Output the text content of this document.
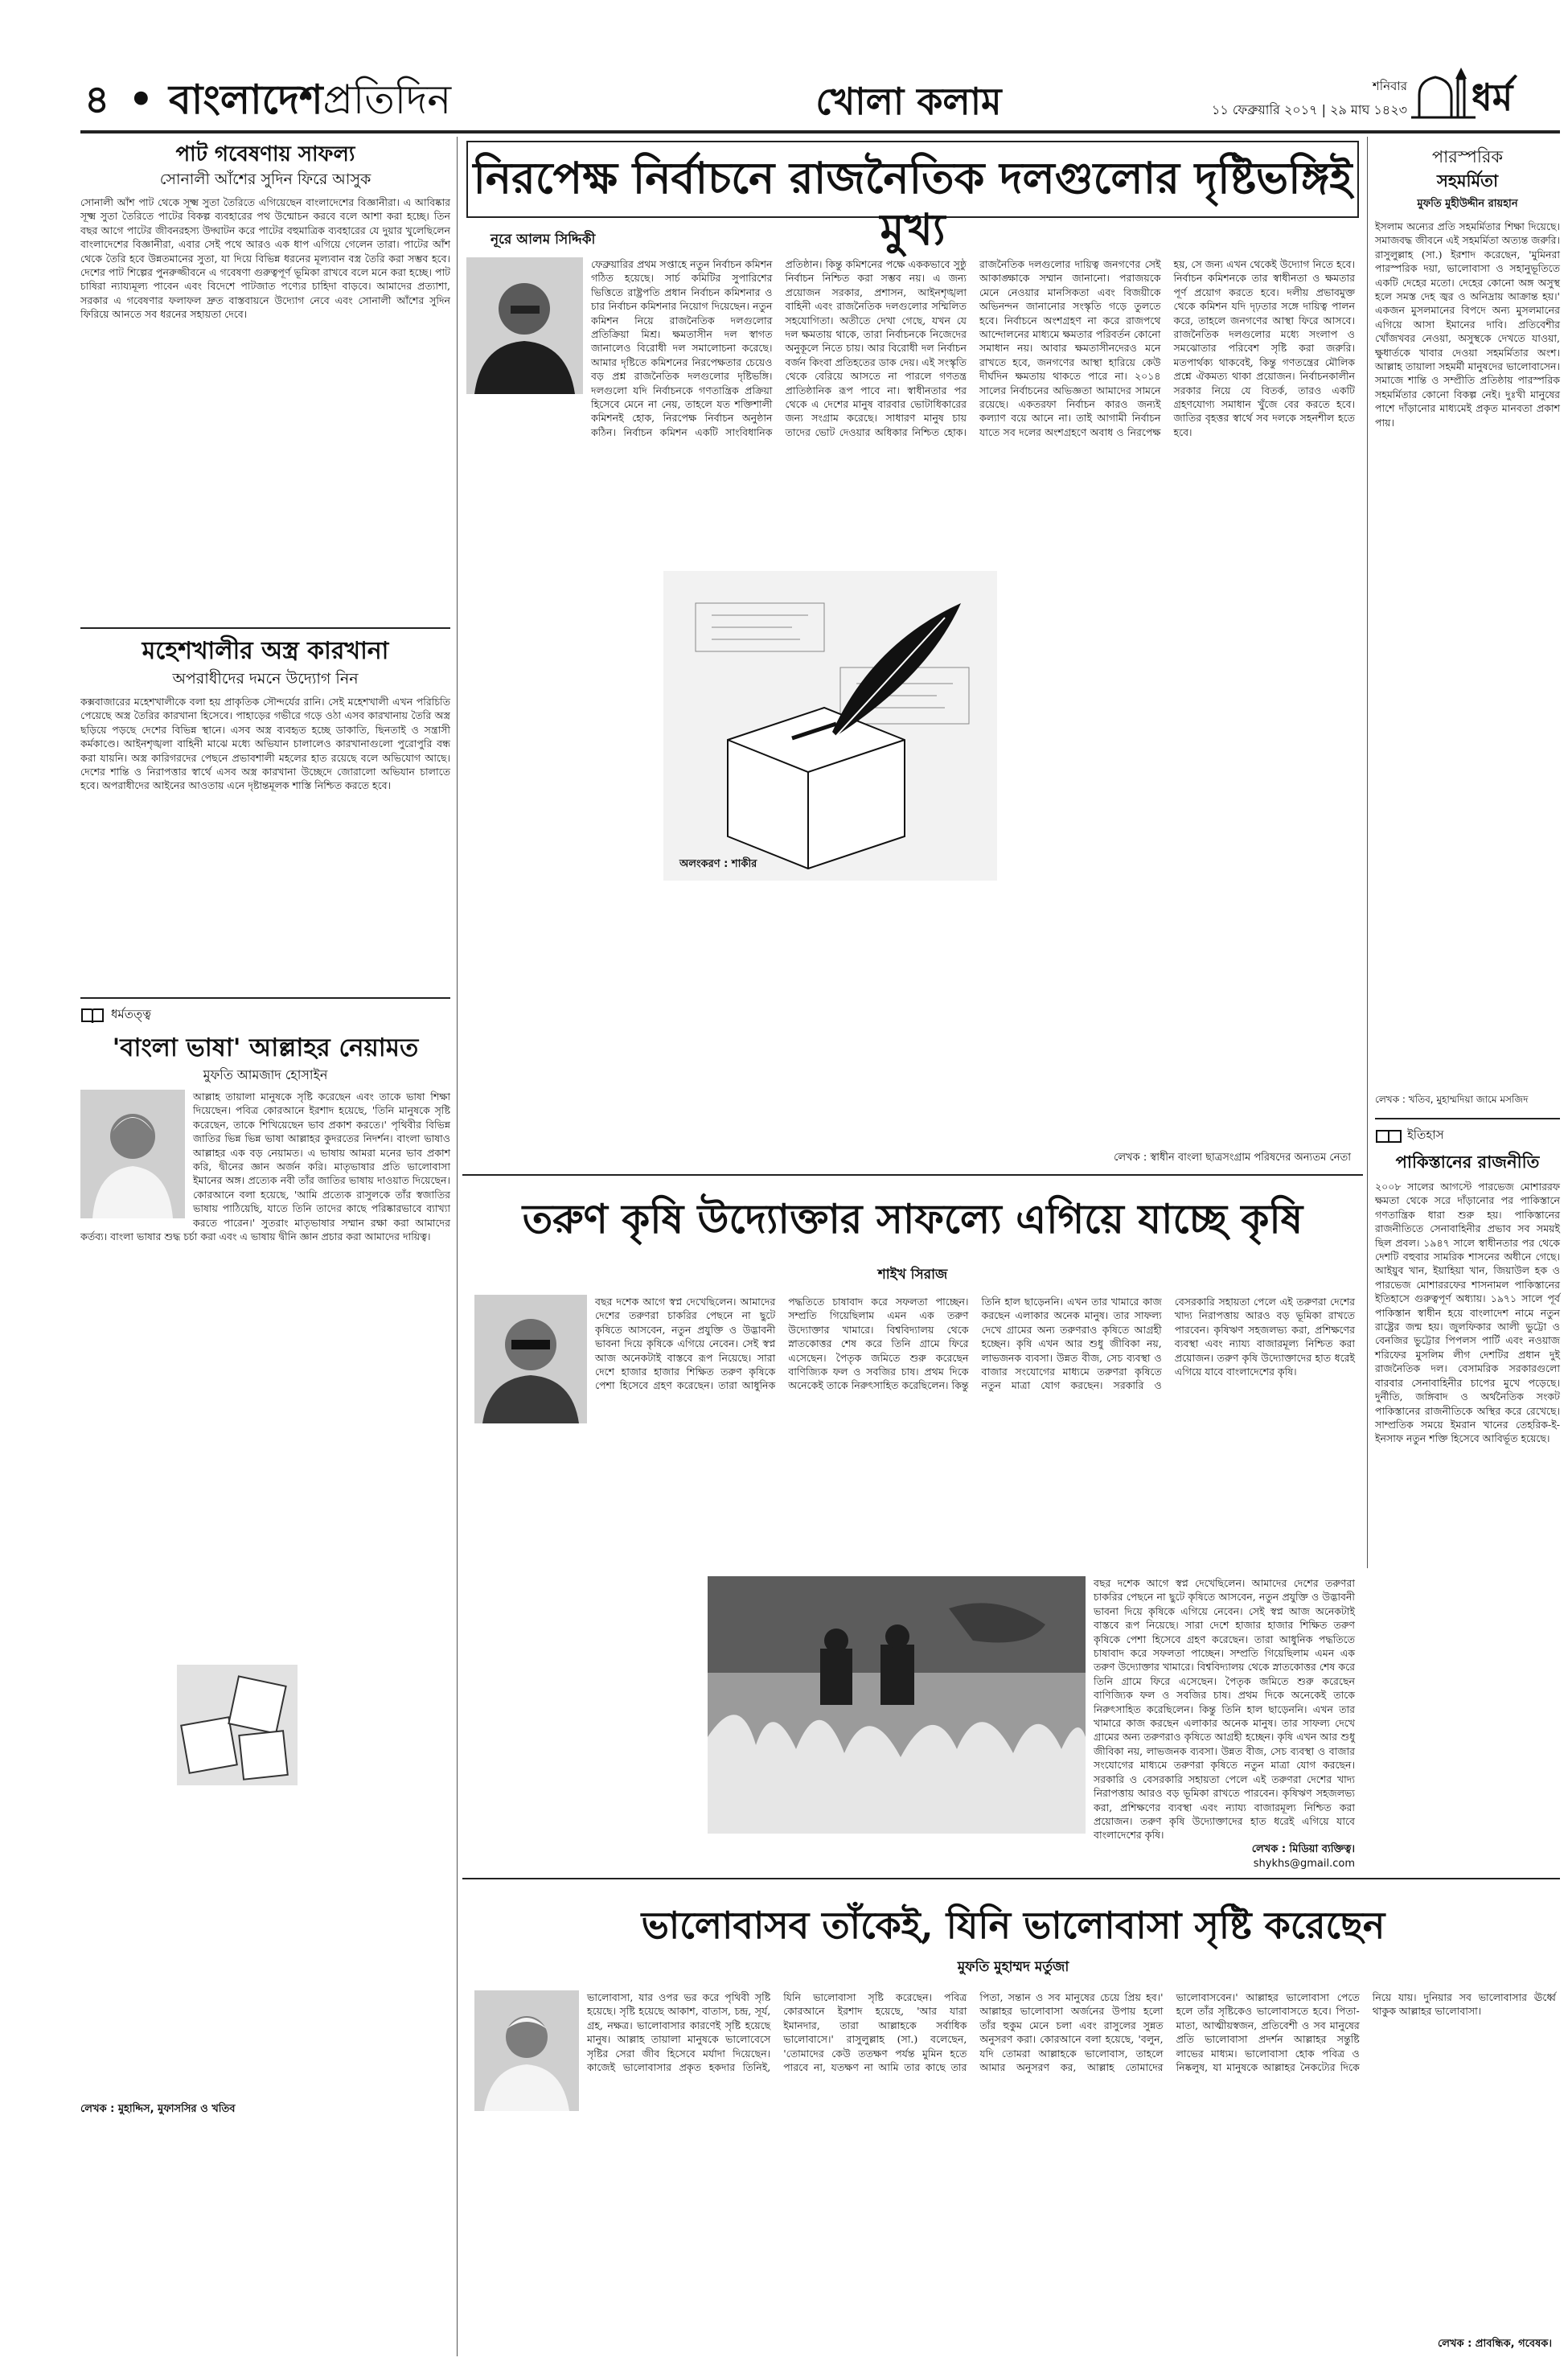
৪ • বাংলাদেশপ্রতিদিন	খোলা কলাম	শনিবার
১১ ফেব্রুয়ারি ২০১৭ | ২৯ মাঘ ১৪২৩ ধর্ম
পাট গবেষণায় সাফল্য
সোনালী আঁশের সুদিন ফিরে আসুক
সোনালী আঁশ পাট থেকে সূক্ষ্ম সুতা তৈরিতে এগিয়েছেন বাংলাদেশের বিজ্ঞানীরা। এ আবিষ্কার সূক্ষ্ম সুতা তৈরিতে পাটের বিকল্প ব্যবহারের পথ উন্মোচন করবে বলে আশা করা হচ্ছে। তিন বছর আগে পাটের জীবনরহস্য উদ্ঘাটন করে পাটের বহুমাত্রিক ব্যবহারের যে দুয়ার খুলেছিলেন বাংলাদেশের বিজ্ঞানীরা, এবার সেই পথে আরও এক ধাপ এগিয়ে গেলেন তারা। পাটের আঁশ থেকে তৈরি হবে উন্নতমানের সুতা, যা দিয়ে বিভিন্ন ধরনের মূল্যবান বস্ত্র তৈরি করা সম্ভব হবে। দেশের পাট শিল্পের পুনরুজ্জীবনে এ গবেষণা গুরুত্বপূর্ণ ভূমিকা রাখবে বলে মনে করা হচ্ছে। পাট চাষিরা ন্যায্যমূল্য পাবেন এবং বিদেশে পাটজাত পণ্যের চাহিদা বাড়বে। আমাদের প্রত্যাশা, সরকার এ গবেষণার ফলাফল দ্রুত বাস্তবায়নে উদ্যোগ নেবে এবং সোনালী আঁশের সুদিন ফিরিয়ে আনতে সব ধরনের সহায়তা দেবে।
মহেশখালীর অস্ত্র কারখানা
অপরাধীদের দমনে উদ্যোগ নিন
কক্সবাজারের মহেশখালীকে বলা হয় প্রাকৃতিক সৌন্দর্যের রানি। সেই মহেশখালী এখন পরিচিতি পেয়েছে অস্ত্র তৈরির কারখানা হিসেবে। পাহাড়ের গভীরে গড়ে ওঠা এসব কারখানায় তৈরি অস্ত্র ছড়িয়ে পড়ছে দেশের বিভিন্ন স্থানে। এসব অস্ত্র ব্যবহৃত হচ্ছে ডাকাতি, ছিনতাই ও সন্ত্রাসী কর্মকাণ্ডে। আইনশৃঙ্খলা বাহিনী মাঝে মধ্যে অভিযান চালালেও কারখানাগুলো পুরোপুরি বন্ধ করা যায়নি। অস্ত্র কারিগরদের পেছনে প্রভাবশালী মহলের হাত রয়েছে বলে অভিযোগ আছে। দেশের শান্তি ও নিরাপত্তার স্বার্থে এসব অস্ত্র কারখানা উচ্ছেদে জোরালো অভিযান চালাতে হবে। অপরাধীদের আইনের আওতায় এনে দৃষ্টান্তমূলক শাস্তি নিশ্চিত করতে হবে।
ধর্মতত্ত্ব
'বাংলা ভাষা' আল্লাহর নেয়ামত
মুফতি আমজাদ হোসাইন
আল্লাহ তায়ালা মানুষকে সৃষ্টি করেছেন এবং তাকে ভাষা শিক্ষা দিয়েছেন। পবিত্র কোরআনে ইরশাদ হয়েছে, 'তিনি মানুষকে সৃষ্টি করেছেন, তাকে শিখিয়েছেন ভাব প্রকাশ করতে।' পৃথিবীর বিভিন্ন জাতির ভিন্ন ভিন্ন ভাষা আল্লাহর কুদরতের নিদর্শন। বাংলা ভাষাও আল্লাহর এক বড় নেয়ামত। এ ভাষায় আমরা মনের ভাব প্রকাশ করি, দ্বীনের জ্ঞান অর্জন করি। মাতৃভাষার প্রতি ভালোবাসা ইমানের অঙ্গ। প্রত্যেক নবী তাঁর জাতির ভাষায় দাওয়াত দিয়েছেন। কোরআনে বলা হয়েছে, 'আমি প্রত্যেক রাসুলকে তাঁর স্বজাতির ভাষায় পাঠিয়েছি, যাতে তিনি তাদের কাছে পরিষ্কারভাবে ব্যাখ্যা করতে পারেন।' সুতরাং মাতৃভাষার সম্মান রক্ষা করা আমাদের কর্তব্য। বাংলা ভাষার শুদ্ধ চর্চা করা এবং এ ভাষায় দ্বীনি জ্ঞান প্রচার করা আমাদের দায়িত্ব।
লেখক : মুহাদ্দিস, মুফাসসির ও খতিব
নিরপেক্ষ নির্বাচনে রাজনৈতিক দলগুলোর দৃষ্টিভঙ্গিই মুখ্য
নূরে আলম সিদ্দিকী
ফেব্রুয়ারির প্রথম সপ্তাহে নতুন নির্বাচন কমিশন গঠিত হয়েছে। সার্চ কমিটির সুপারিশের ভিত্তিতে রাষ্ট্রপতি প্রধান নির্বাচন কমিশনার ও চার নির্বাচন কমিশনার নিয়োগ দিয়েছেন। নতুন কমিশন নিয়ে রাজনৈতিক দলগুলোর প্রতিক্রিয়া মিশ্র। ক্ষমতাসীন দল স্বাগত জানালেও বিরোধী দল সমালোচনা করেছে। আমার দৃষ্টিতে কমিশনের নিরপেক্ষতার চেয়েও বড় প্রশ্ন রাজনৈতিক দলগুলোর দৃষ্টিভঙ্গি। দলগুলো যদি নির্বাচনকে গণতান্ত্রিক প্রক্রিয়া হিসেবে মেনে না নেয়, তাহলে যত শক্তিশালী কমিশনই হোক, নিরপেক্ষ নির্বাচন অনুষ্ঠান কঠিন। নির্বাচন কমিশন একটি সাংবিধানিক প্রতিষ্ঠান। কিন্তু কমিশনের পক্ষে এককভাবে সুষ্ঠু নির্বাচন নিশ্চিত করা সম্ভব নয়। এ জন্য প্রয়োজন সরকার, প্রশাসন, আইনশৃঙ্খলা বাহিনী এবং রাজনৈতিক দলগুলোর সম্মিলিত সহযোগিতা। অতীতে দেখা গেছে, যখন যে দল ক্ষমতায় থাকে, তারা নির্বাচনকে নিজেদের অনুকূলে নিতে চায়। আর বিরোধী দল নির্বাচন বর্জন কিংবা প্রতিহতের ডাক দেয়। এই সংস্কৃতি থেকে বেরিয়ে আসতে না পারলে গণতন্ত্র প্রাতিষ্ঠানিক রূপ পাবে না। স্বাধীনতার পর থেকে এ দেশের মানুষ বারবার ভোটাধিকারের জন্য সংগ্রাম করেছে। সাধারণ মানুষ চায় তাদের ভোট দেওয়ার অধিকার নিশ্চিত হোক। রাজনৈতিক দলগুলোর দায়িত্ব জনগণের সেই আকাঙ্ক্ষাকে সম্মান জানানো। পরাজয়কে মেনে নেওয়ার মানসিকতা এবং বিজয়ীকে অভিনন্দন জানানোর সংস্কৃতি গড়ে তুলতে হবে। নির্বাচনে অংশগ্রহণ না করে রাজপথে আন্দোলনের মাধ্যমে ক্ষমতার পরিবর্তন কোনো সমাধান নয়। আবার ক্ষমতাসীনদেরও মনে রাখতে হবে, জনগণের আস্থা হারিয়ে কেউ দীর্ঘদিন ক্ষমতায় থাকতে পারে না। ২০১৪ সালের নির্বাচনের অভিজ্ঞতা আমাদের সামনে রয়েছে। একতরফা নির্বাচন কারও জন্যই কল্যাণ বয়ে আনে না। তাই আগামী নির্বাচন যাতে সব দলের অংশগ্রহণে অবাধ ও নিরপেক্ষ হয়, সে জন্য এখন থেকেই উদ্যোগ নিতে হবে। নির্বাচন কমিশনকে তার স্বাধীনতা ও ক্ষমতার পূর্ণ প্রয়োগ করতে হবে। দলীয় প্রভাবমুক্ত থেকে কমিশন যদি দৃঢ়তার সঙ্গে দায়িত্ব পালন করে, তাহলে জনগণের আস্থা ফিরে আসবে। রাজনৈতিক দলগুলোর মধ্যে সংলাপ ও সমঝোতার পরিবেশ সৃষ্টি করা জরুরি। মতপার্থক্য থাকবেই, কিন্তু গণতন্ত্রের মৌলিক প্রশ্নে ঐকমত্য থাকা প্রয়োজন। নির্বাচনকালীন সরকার নিয়ে যে বিতর্ক, তারও একটি গ্রহণযোগ্য সমাধান খুঁজে বের করতে হবে। জাতির বৃহত্তর স্বার্থে সব দলকে সহনশীল হতে হবে।
অলংকরণ : শাকীর
লেখক : স্বাধীন বাংলা ছাত্রসংগ্রাম পরিষদের অন্যতম নেতা
পারস্পরিক
সহমর্মিতা
মুফতি মুহীউদ্দীন রায়হান
ইসলাম অন্যের প্রতি সহমর্মিতার শিক্ষা দিয়েছে। সমাজবদ্ধ জীবনে এই সহমর্মিতা অত্যন্ত জরুরি। রাসুলুল্লাহ (সা.) ইরশাদ করেছেন, 'মুমিনরা পারস্পরিক দয়া, ভালোবাসা ও সহানুভূতিতে একটি দেহের মতো। দেহের কোনো অঙ্গ অসুস্থ হলে সমস্ত দেহ জ্বর ও অনিদ্রায় আক্রান্ত হয়।' একজন মুসলমানের বিপদে অন্য মুসলমানের এগিয়ে আসা ইমানের দাবি। প্রতিবেশীর খোঁজখবর নেওয়া, অসুস্থকে দেখতে যাওয়া, ক্ষুধার্তকে খাবার দেওয়া সহমর্মিতার অংশ। আল্লাহ তায়ালা সহমর্মী মানুষদের ভালোবাসেন। সমাজে শান্তি ও সম্প্রীতি প্রতিষ্ঠায় পারস্পরিক সহমর্মিতার কোনো বিকল্প নেই। দুঃখী মানুষের পাশে দাঁড়ানোর মাধ্যমেই প্রকৃত মানবতা প্রকাশ পায়।
লেখক : খতিব, মুহাম্মদিয়া জামে মসজিদ
ইতিহাস
পাকিস্তানের রাজনীতি
২০০৮ সালের আগস্টে পারভেজ মোশাররফ ক্ষমতা থেকে সরে দাঁড়ানোর পর পাকিস্তানে গণতান্ত্রিক ধারা শুরু হয়। পাকিস্তানের রাজনীতিতে সেনাবাহিনীর প্রভাব সব সময়ই ছিল প্রবল। ১৯৪৭ সালে স্বাধীনতার পর থেকে দেশটি বহুবার সামরিক শাসনের অধীনে গেছে। আইয়ুব খান, ইয়াহিয়া খান, জিয়াউল হক ও পারভেজ মোশাররফের শাসনামল পাকিস্তানের ইতিহাসে গুরুত্বপূর্ণ অধ্যায়। ১৯৭১ সালে পূর্ব পাকিস্তান স্বাধীন হয়ে বাংলাদেশ নামে নতুন রাষ্ট্রের জন্ম হয়। জুলফিকার আলী ভুট্টো ও বেনজির ভুট্টোর পিপলস পার্টি এবং নওয়াজ শরিফের মুসলিম লীগ দেশটির প্রধান দুই রাজনৈতিক দল। বেসামরিক সরকারগুলো বারবার সেনাবাহিনীর চাপের মুখে পড়েছে। দুর্নীতি, জঙ্গিবাদ ও অর্থনৈতিক সংকট পাকিস্তানের রাজনীতিকে অস্থির করে রেখেছে। সাম্প্রতিক সময়ে ইমরান খানের তেহরিক-ই-ইনসাফ নতুন শক্তি হিসেবে আবির্ভূত হয়েছে।
তরুণ কৃষি উদ্যোক্তার সাফল্যে এগিয়ে যাচ্ছে কৃষি
শাইখ সিরাজ
বছর দশেক আগে স্বপ্ন দেখেছিলেন। আমাদের দেশের তরুণরা চাকরির পেছনে না ছুটে কৃষিতে আসবেন, নতুন প্রযুক্তি ও উদ্ভাবনী ভাবনা দিয়ে কৃষিকে এগিয়ে নেবেন। সেই স্বপ্ন আজ অনেকটাই বাস্তবে রূপ নিয়েছে। সারা দেশে হাজার হাজার শিক্ষিত তরুণ কৃষিকে পেশা হিসেবে গ্রহণ করেছেন। তারা আধুনিক পদ্ধতিতে চাষাবাদ করে সফলতা পাচ্ছেন। সম্প্রতি গিয়েছিলাম এমন এক তরুণ উদ্যোক্তার খামারে। বিশ্ববিদ্যালয় থেকে স্নাতকোত্তর শেষ করে তিনি গ্রামে ফিরে এসেছেন। পৈতৃক জমিতে শুরু করেছেন বাণিজ্যিক ফল ও সবজির চাষ। প্রথম দিকে অনেকেই তাকে নিরুৎসাহিত করেছিলেন। কিন্তু তিনি হাল ছাড়েননি। এখন তার খামারে কাজ করছেন এলাকার অনেক মানুষ। তার সাফল্য দেখে গ্রামের অন্য তরুণরাও কৃষিতে আগ্রহী হচ্ছেন। কৃষি এখন আর শুধু জীবিকা নয়, লাভজনক ব্যবসা। উন্নত বীজ, সেচ ব্যবস্থা ও বাজার সংযোগের মাধ্যমে তরুণরা কৃষিতে নতুন মাত্রা যোগ করছেন। সরকারি ও বেসরকারি সহায়তা পেলে এই তরুণরা দেশের খাদ্য নিরাপত্তায় আরও বড় ভূমিকা রাখতে পারবেন। কৃষিঋণ সহজলভ্য করা, প্রশিক্ষণের ব্যবস্থা এবং ন্যায্য বাজারমূল্য নিশ্চিত করা প্রয়োজন। তরুণ কৃষি উদ্যোক্তাদের হাত ধরেই এগিয়ে যাবে বাংলাদেশের কৃষি।
বছর দশেক আগে স্বপ্ন দেখেছিলেন। আমাদের দেশের তরুণরা চাকরির পেছনে না ছুটে কৃষিতে আসবেন, নতুন প্রযুক্তি ও উদ্ভাবনী ভাবনা দিয়ে কৃষিকে এগিয়ে নেবেন। সেই স্বপ্ন আজ অনেকটাই বাস্তবে রূপ নিয়েছে। সারা দেশে হাজার হাজার শিক্ষিত তরুণ কৃষিকে পেশা হিসেবে গ্রহণ করেছেন। তারা আধুনিক পদ্ধতিতে চাষাবাদ করে সফলতা পাচ্ছেন। সম্প্রতি গিয়েছিলাম এমন এক তরুণ উদ্যোক্তার খামারে। বিশ্ববিদ্যালয় থেকে স্নাতকোত্তর শেষ করে তিনি গ্রামে ফিরে এসেছেন। পৈতৃক জমিতে শুরু করেছেন বাণিজ্যিক ফল ও সবজির চাষ। প্রথম দিকে অনেকেই তাকে নিরুৎসাহিত করেছিলেন। কিন্তু তিনি হাল ছাড়েননি। এখন তার খামারে কাজ করছেন এলাকার অনেক মানুষ। তার সাফল্য দেখে গ্রামের অন্য তরুণরাও কৃষিতে আগ্রহী হচ্ছেন। কৃষি এখন আর শুধু জীবিকা নয়, লাভজনক ব্যবসা। উন্নত বীজ, সেচ ব্যবস্থা ও বাজার সংযোগের মাধ্যমে তরুণরা কৃষিতে নতুন মাত্রা যোগ করছেন। সরকারি ও বেসরকারি সহায়তা পেলে এই তরুণরা দেশের খাদ্য নিরাপত্তায় আরও বড় ভূমিকা রাখতে পারবেন। কৃষিঋণ সহজলভ্য করা, প্রশিক্ষণের ব্যবস্থা এবং ন্যায্য বাজারমূল্য নিশ্চিত করা প্রয়োজন। তরুণ কৃষি উদ্যোক্তাদের হাত ধরেই এগিয়ে যাবে বাংলাদেশের কৃষি।
লেখক : মিডিয়া ব্যক্তিত্ব।
shykhs@gmail.com
ভালোবাসব তাঁকেই, যিনি ভালোবাসা সৃষ্টি করেছেন
মুফতি মুহাম্মদ মর্তুজা
ভালোবাসা, যার ওপর ভর করে পৃথিবী সৃষ্টি হয়েছে। সৃষ্টি হয়েছে আকাশ, বাতাস, চন্দ্র, সূর্য, গ্রহ, নক্ষত্র। ভালোবাসার কারণেই সৃষ্টি হয়েছে মানুষ। আল্লাহ তায়ালা মানুষকে ভালোবেসে সৃষ্টির সেরা জীব হিসেবে মর্যাদা দিয়েছেন। কাজেই ভালোবাসার প্রকৃত হকদার তিনিই, যিনি ভালোবাসা সৃষ্টি করেছেন। পবিত্র কোরআনে ইরশাদ হয়েছে, 'আর যারা ইমানদার, তারা আল্লাহকে সর্বাধিক ভালোবাসে।' রাসুলুল্লাহ (সা.) বলেছেন, 'তোমাদের কেউ ততক্ষণ পর্যন্ত মুমিন হতে পারবে না, যতক্ষণ না আমি তার কাছে তার পিতা, সন্তান ও সব মানুষের চেয়ে প্রিয় হব।' আল্লাহর ভালোবাসা অর্জনের উপায় হলো তাঁর হুকুম মেনে চলা এবং রাসুলের সুন্নত অনুসরণ করা। কোরআনে বলা হয়েছে, 'বলুন, যদি তোমরা আল্লাহকে ভালোবাস, তাহলে আমার অনুসরণ কর, আল্লাহ তোমাদের ভালোবাসবেন।' আল্লাহর ভালোবাসা পেতে হলে তাঁর সৃষ্টিকেও ভালোবাসতে হবে। পিতা-মাতা, আত্মীয়স্বজন, প্রতিবেশী ও সব মানুষের প্রতি ভালোবাসা প্রদর্শন আল্লাহর সন্তুষ্টি লাভের মাধ্যম। ভালোবাসা হোক পবিত্র ও নিষ্কলুষ, যা মানুষকে আল্লাহর নৈকট্যের দিকে নিয়ে যায়। দুনিয়ার সব ভালোবাসার ঊর্ধ্বে থাকুক আল্লাহর ভালোবাসা।
লেখক : প্রাবন্ধিক, গবেষক।
